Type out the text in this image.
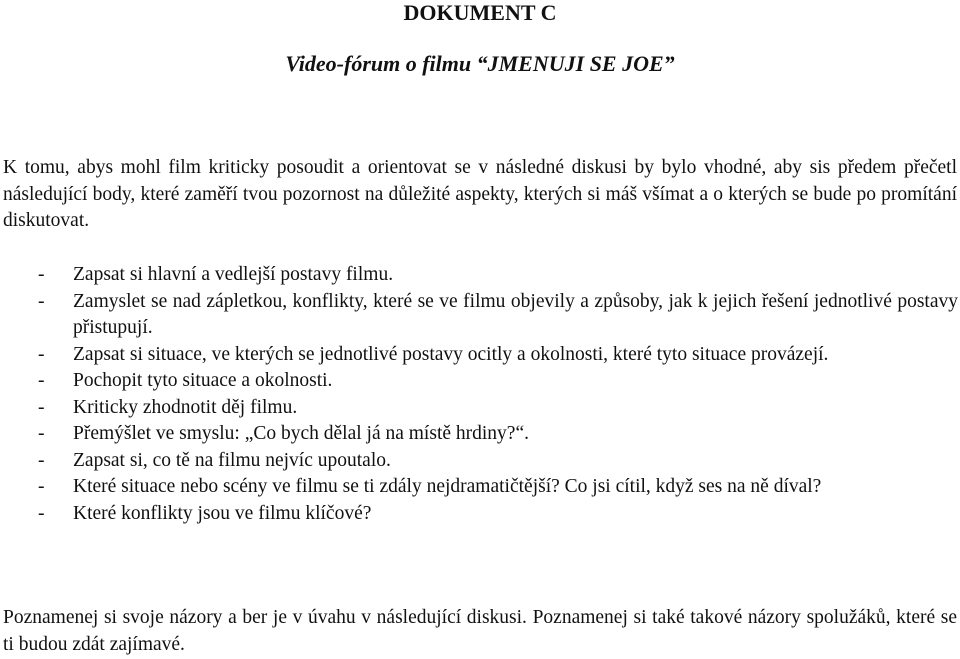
DOKUMENT C
Video-fórum o filmu “JMENUJI SE JOE”

K tomu, abys mohl film kriticky posoudit a orientovat se v následné diskusi by bylo vhodné, aby sis předem přečetl následující body, které zaměří tvou pozornost na důležité aspekty, kterých si máš všímat a o kterých se bude po promítání diskutovat.

- Zapsat si hlavní a vedlejší postavy filmu.
- Zamyslet se nad zápletkou, konflikty, které se ve filmu objevily a způsoby, jak k jejich řešení jednotlivé postavy přistupují.
- Zapsat si situace, ve kterých se jednotlivé postavy ocitly a okolnosti, které tyto situace provázejí.
- Pochopit tyto situace a okolnosti.
- Kriticky zhodnotit děj filmu.
- Přemýšlet ve smyslu: „Co bych dělal já na místě hrdiny?“.
- Zapsat si, co tě na filmu nejvíc upoutalo.
- Které situace nebo scény ve filmu se ti zdály nejdramatičtější? Co jsi cítil, když ses na ně díval?
- Které konflikty jsou ve filmu klíčové?

Poznamenej si svoje názory a ber je v úvahu v následující diskusi. Poznamenej si také takové názory spolužáků, které se ti budou zdát zajímavé.
